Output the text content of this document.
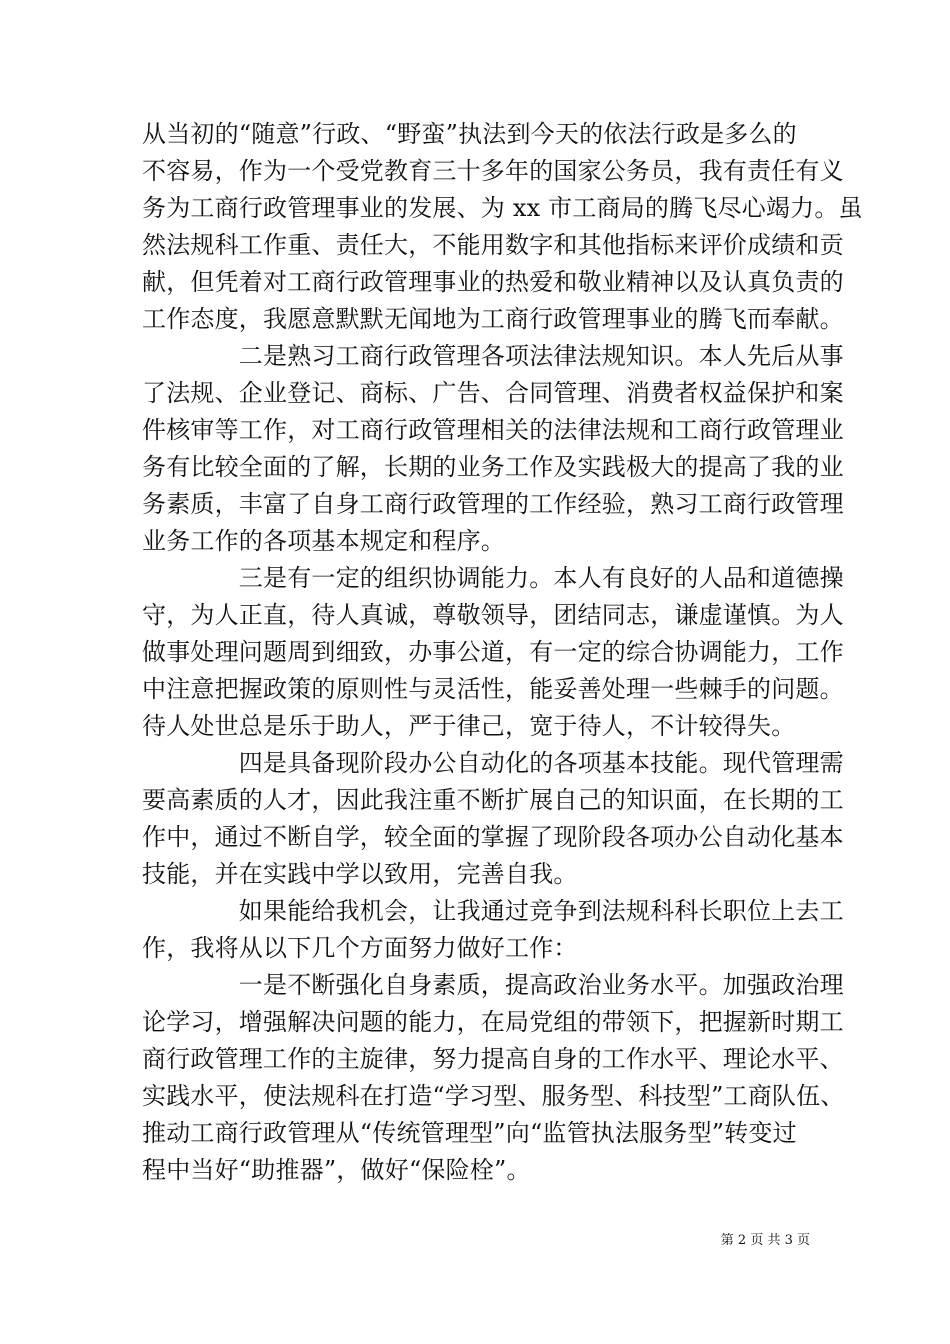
从当初的“随意”行政、“野蛮”执法到今天的依法行政是多么的
不容易，作为一个受党教育三十多年的国家公务员，我有责任有义
务为工商行政管理事业的发展、为 xx 市工商局的腾飞尽心竭力。虽
然法规科工作重、责任大，不能用数字和其他指标来评价成绩和贡
献，但凭着对工商行政管理事业的热爱和敬业精神以及认真负责的
工作态度，我愿意默默无闻地为工商行政管理事业的腾飞而奉献。
　　　　二是熟习工商行政管理各项法律法规知识。本人先后从事
了法规、企业登记、商标、广告、合同管理、消费者权益保护和案
件核审等工作，对工商行政管理相关的法律法规和工商行政管理业
务有比较全面的了解，长期的业务工作及实践极大的提高了我的业
务素质，丰富了自身工商行政管理的工作经验，熟习工商行政管理
业务工作的各项基本规定和程序。
　　　　三是有一定的组织协调能力。本人有良好的人品和道德操
守，为人正直，待人真诚，尊敬领导，团结同志，谦虚谨慎。为人
做事处理问题周到细致，办事公道，有一定的综合协调能力，工作
中注意把握政策的原则性与灵活性，能妥善处理一些棘手的问题。
待人处世总是乐于助人，严于律己，宽于待人，不计较得失。
　　　　四是具备现阶段办公自动化的各项基本技能。现代管理需
要高素质的人才，因此我注重不断扩展自己的知识面，在长期的工
作中，通过不断自学，较全面的掌握了现阶段各项办公自动化基本
技能，并在实践中学以致用，完善自我。
　　　　如果能给我机会，让我通过竞争到法规科科长职位上去工
作，我将从以下几个方面努力做好工作：
　　　　一是不断强化自身素质，提高政治业务水平。加强政治理
论学习，增强解决问题的能力，在局党组的带领下，把握新时期工
商行政管理工作的主旋律，努力提高自身的工作水平、理论水平、
实践水平，使法规科在打造“学习型、服务型、科技型”工商队伍、
推动工商行政管理从“传统管理型”向“监管执法服务型”转变过
程中当好“助推器”，做好“保险栓”。
第 2 页 共 3 页
